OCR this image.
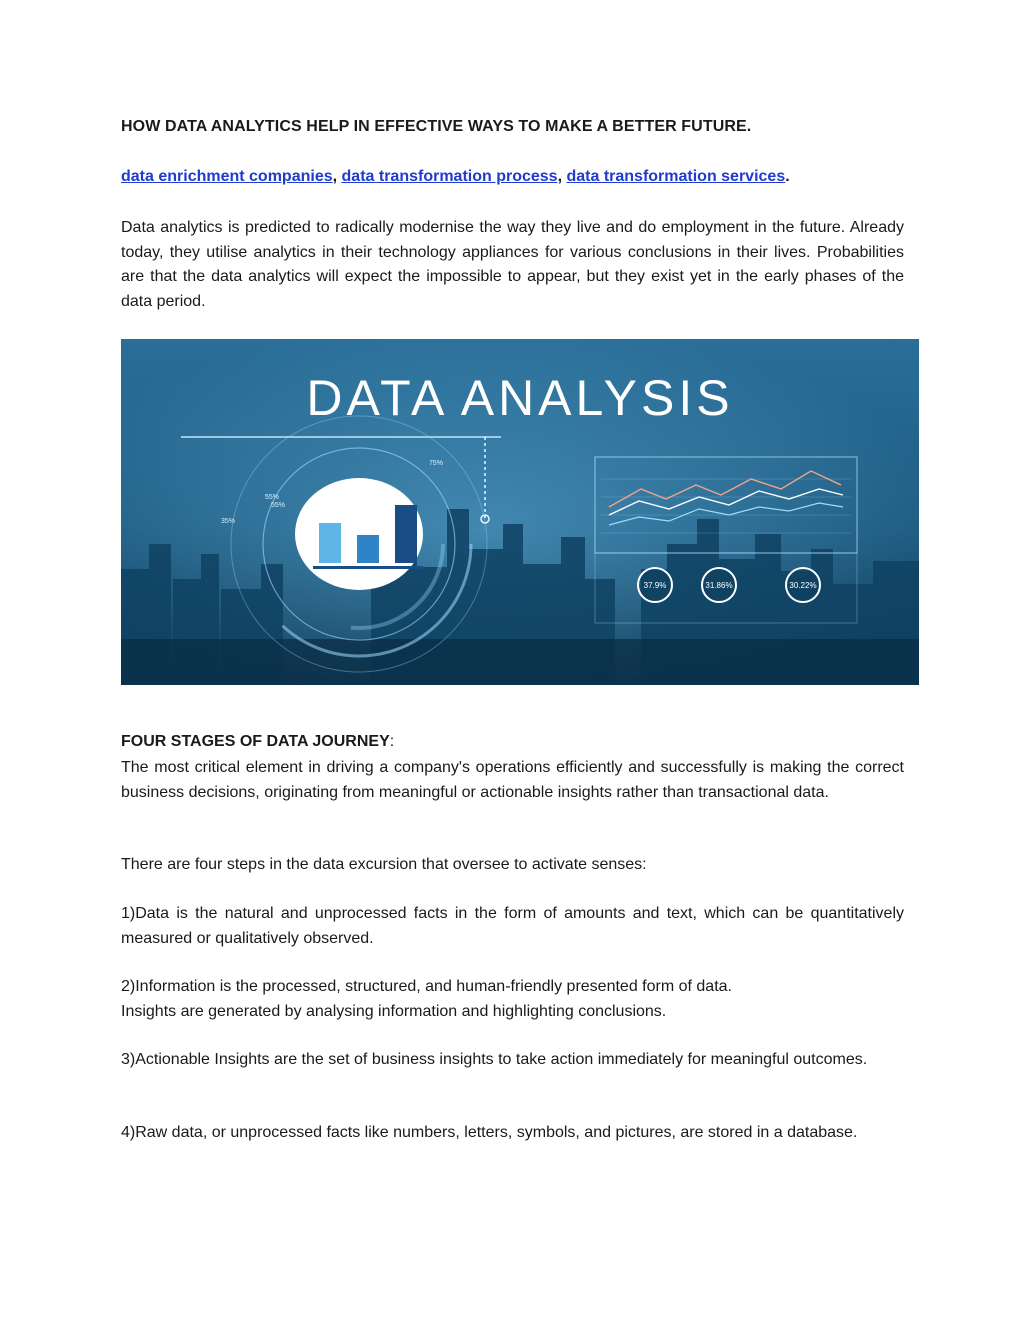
HOW DATA ANALYTICS HELP IN EFFECTIVE WAYS TO MAKE A BETTER FUTURE.
data enrichment companies, data transformation process, data transformation services.

Data analytics is predicted to radically modernise the way they live and do employment in the future. Already today, they utilise analytics in their technology appliances for various conclusions in their lives. Probabilities are that the data analytics will expect the impossible to appear, but they exist yet in the early phases of the data period.

FOUR STAGES OF DATA JOURNEY:

The most critical element in driving a company's operations efficiently and successfully is making the correct business decisions, originating from meaningful or actionable insights rather than transactional data.

There are four steps in the data excursion that oversee to activate senses:

1)Data is the natural and unprocessed facts in the form of amounts and text, which can be quantitatively measured or qualitatively observed.

2)Information is the processed, structured, and human-friendly presented form of data.

Insights are generated by analysing information and highlighting conclusions.

3)Actionable Insights are the set of business insights to take action immediately for meaningful outcomes.

4)Raw data, or unprocessed facts like numbers, letters, symbols, and pictures, are stored in a database.

DATA ANALYSIS
75%
55%
55%
35%
37.9%	31.86%	30.22%
